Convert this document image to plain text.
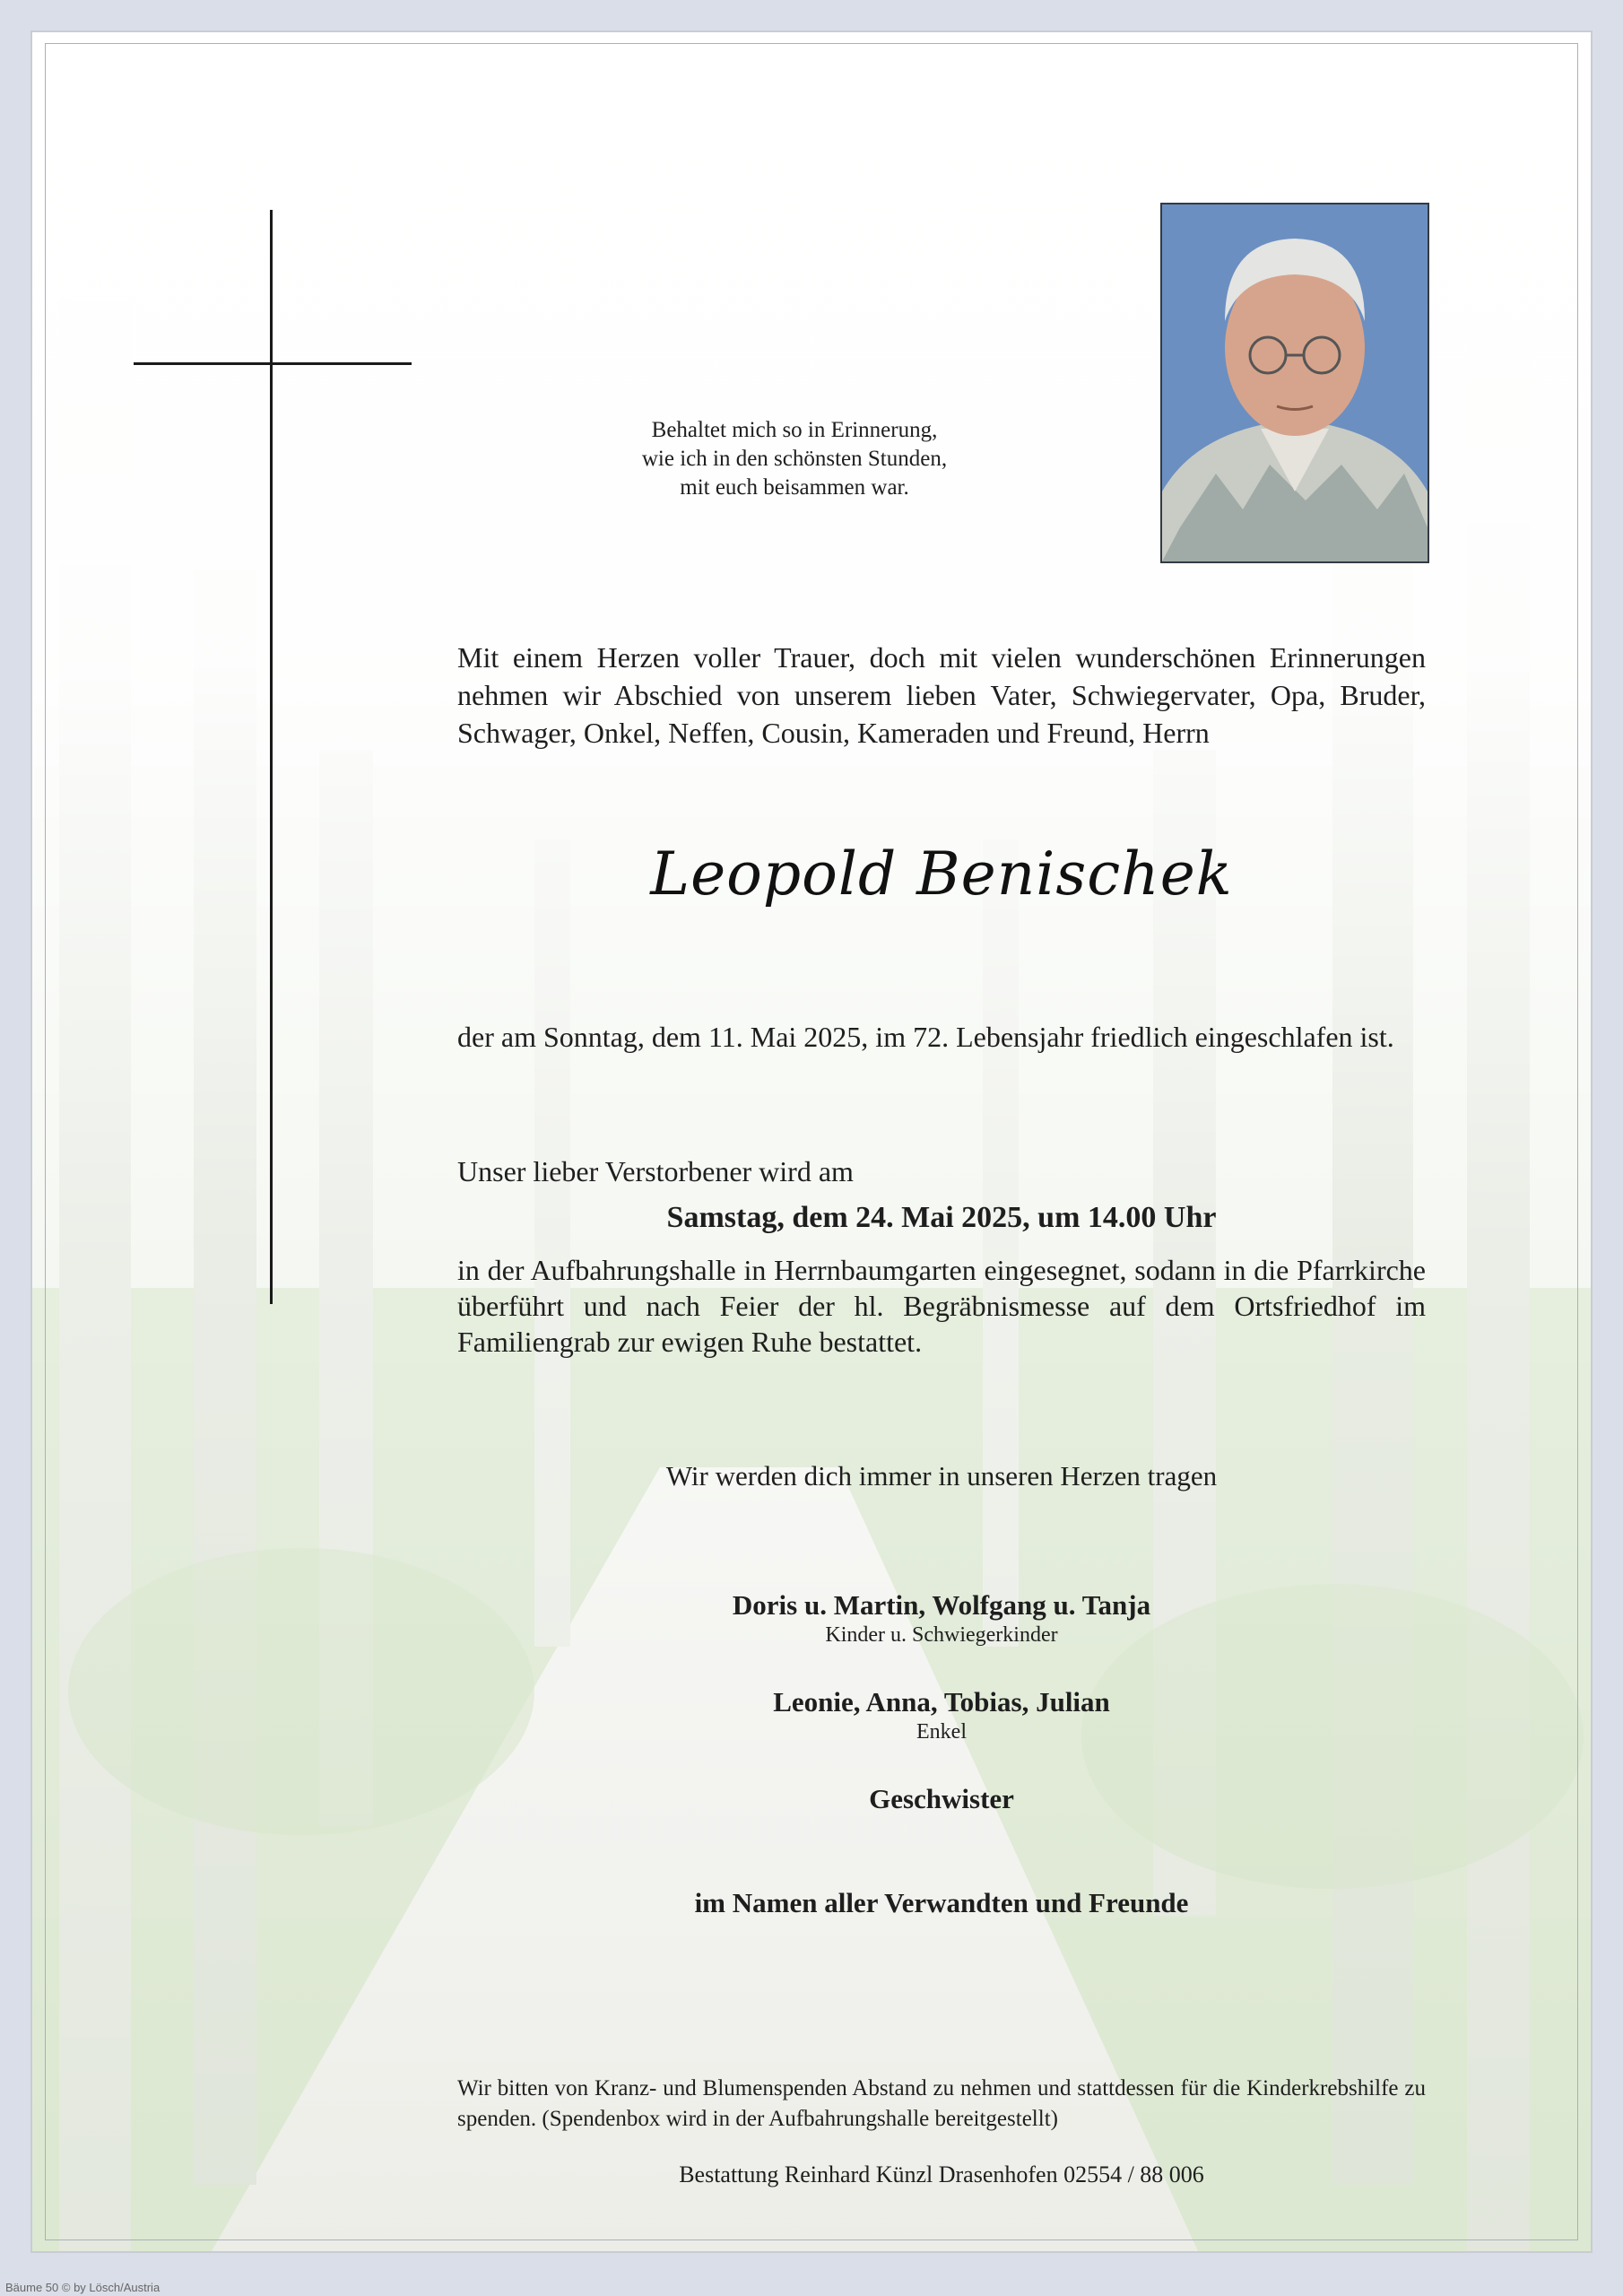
Behaltet mich so in Erinnerung,
wie ich in den schönsten Stunden,
mit euch beisammen war.
Mit einem Herzen voller Trauer, doch mit vielen wunderschönen Erinnerungen nehmen wir Abschied von unserem lieben Vater, Schwiegervater, Opa, Bruder, Schwager, Onkel, Neffen, Cousin, Kameraden und Freund, Herrn
Leopold Benischek
der am Sonntag, dem 11. Mai 2025, im 72. Lebensjahr friedlich eingeschlafen ist.
Unser lieber Verstorbener wird am
Samstag, dem 24. Mai 2025, um 14.00 Uhr
in der Aufbahrungshalle in Herrnbaumgarten eingesegnet, sodann in die Pfarrkirche überführt und nach Feier der hl. Begräbnismesse auf dem Ortsfriedhof im Familiengrab zur ewigen Ruhe bestattet.
Wir werden dich immer in unseren Herzen tragen
Doris u. Martin, Wolfgang u. Tanja
Kinder u. Schwiegerkinder
Leonie, Anna, Tobias, Julian
Enkel
Geschwister
im Namen aller Verwandten und Freunde
Wir bitten von Kranz- und Blumenspenden Abstand zu nehmen und stattdessen für die Kinderkrebshilfe zu spenden. (Spendenbox wird in der Aufbahrungshalle bereitgestellt)
Bestattung Reinhard Künzl Drasenhofen 02554 / 88 006
Bäume 50 © by Lösch/Austria
